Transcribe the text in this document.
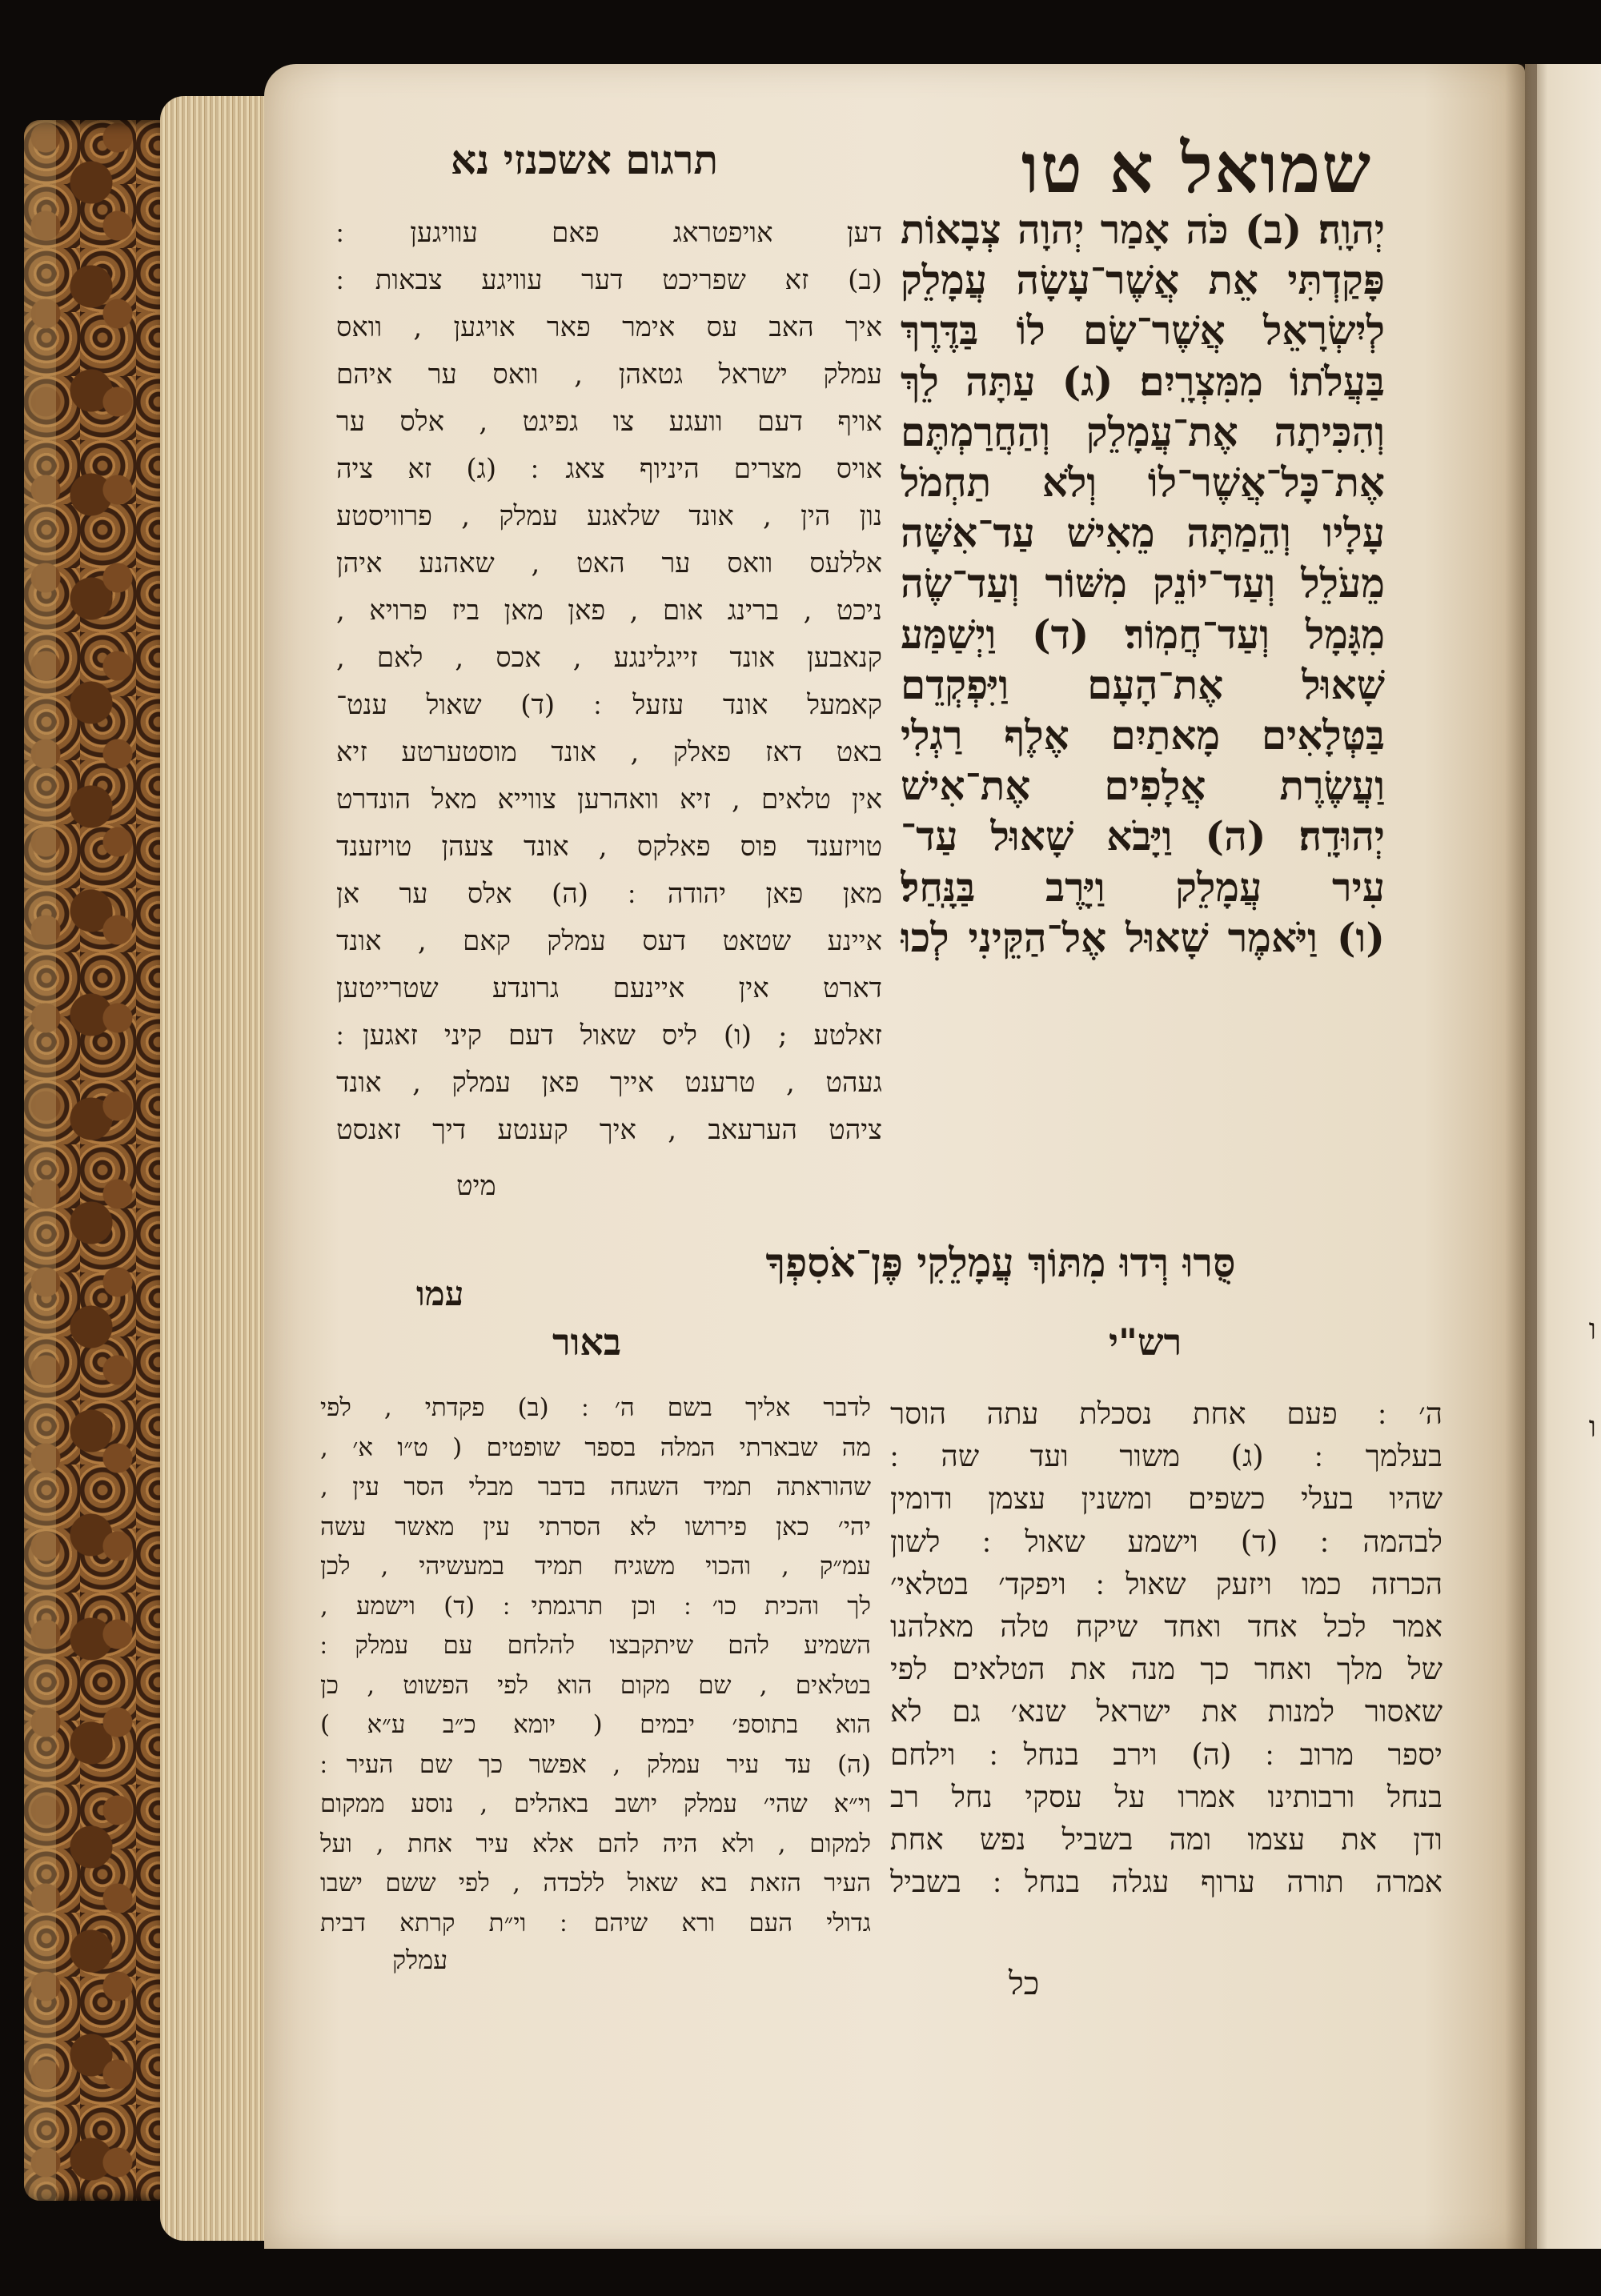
ו
ו
שמואל א טו
תרגום אשכנזי נא
יְהוָֽה׃ (ב) כֹּה אָמַר יְהוָה צְבָאוֹת
פָּקַדְתִּי אֵת אֲשֶׁר־עָשָׂה עֲמָלֵק
לְיִשְׂרָאֵל אֲשֶׁר־שָׂם לוֹ בַּדֶּרֶךְ
בַּעֲלֹתוֹ מִמִּצְרָֽיִם׃ (ג) עַתָּה לֵךְ
וְהִכִּיתָה אֶת־עֲמָלֵק וְהַחֲרַמְתֶּם
אֶת־כָּל־אֲשֶׁר־לוֹ וְלֹא תַחְמֹל
עָלָיו וְהֵמַתָּה מֵאִישׁ עַד־אִשָּׁה
מֵעֹלֵל וְעַד־יוֹנֵק מִשּׁוֹר וְעַד־שֶׂה
מִגָּמָל וְעַד־חֲמֽוֹר׃ (ד) וַיְשַׁמַּע
שָׁאוּל אֶת־הָעָם וַיִּפְקְדֵם
בַּטְּלָאִים מָאתַיִם אֶלֶף רַגְלִי
וַעֲשֶׂרֶת אֲלָפִים אֶת־אִישׁ
יְהוּדָֽה׃ (ה) וַיָּבֹא שָׁאוּל עַד־
עִיר עֲמָלֵק וַיָּרֶב בַּנָּֽחַל׃
(ו) וַיֹּאמֶר שָׁאוּל אֶל־הַקֵּינִי לְכוּ
סֻּרוּ רְּדוּ מִתּוֹךְ עֲמָלֵקִי פֶּן־אֹסִפְךָ
דען אויפטראג פאם עוויגען ׃
(ב) זא שפריכט דער עוויגע צבאות ׃
איך האב עס אימר פאר אויגען , וואס
עמלק ישראל גטאהן , וואס ער איהם
אויף דעם וועגע צו גפיגט , אלס ער
אויס מצרים היניוף צאג ׃ (ג) זא ציה
נון הין , אונד שלאגע עמלק , פרוויסטע
אללעס וואס ער האט , שאהנע איהן
ניכט , ברינג אום , פאן מאן ביז פרויא ,
קנאבען אונד זייגלינגע , אכס , לאם ,
קאמעל אונד עזעל ׃ (ד) שאול ענט־
באט דאז פאלק , אונד מוסטערטע זיא
אין טלאים , זיא וואהרען צווייא מאל הונדרט
טויזענד פוס פאלקס , אונד צעהן טויזענד
מאן פאן יהודה ׃ (ה) אלס ער אן
איינע שטאט דעס עמלק קאם , אונד
דארט אין איינעם גרונדע שטרייטען
זאלטע ; (ו) ליס שאול דעם קיני זאגען ׃
געהט , טרענט אייך פאן עמלק , אונד
ציהט הערעאב , איך קענטע דיך זאנסט
מיט
עמו
רש"י
באור
ה׳ ׃ פעם אחת נסכלת עתה הוסר
בעלמך ׃ (ג) משור ועד שה ׃
שהיו בעלי כשפים ומשנין עצמן ודומין
לבהמה ׃ (ד) וישמע שאול ׃ לשון
הכרזה כמו ויזעק שאול ׃ ויפקד׳ בטלאי׳
אמר לכל אחד ואחד שיקח טלה מאלהנו
של מלך ואחר כך מנה את הטלאים לפי
שאסור למנות את ישראל שנא׳ גם לא
יספר מרוב ׃ (ה) וירב בנחל ׃ וילחם
בנחל ורבותינו אמרו על עסקי נחל רב
ודן את עצמו ומה בשביל נפש אחת
אמרה תורה ערוף עגלה בנחל ׃ בשביל
כל
לדבר אליך בשם ה׳ ׃ (ב) פקדתי , לפי
מה שבארתי המלה בספר שופטים ( ט״ו א׳ ,
שהוראתה תמיד השגחה בדבר מבלי הסר עין ,
יהי׳ כאן פירושו לא הסרתי עין מאשר עשה
עמ״ק , והכוי משגיח תמיד במעשיהי , לכן
לך והכית כו׳ ׃ וכן תרגמתי ׃ (ד) וישמע ,
השמיע להם שיתקבצו להלחם עם עמלק ׃
בטלאים , שם מקום הוא לפי הפשוט , כן
הוא בתוספ׳ יבמים ( יומא כ״ב ע״א )
(ה) עד עיר עמלק , אפשר כך שם העיר ׃
וי״א שהי׳ עמלק יושב באהלים , נוסע ממקום
למקום , ולא היה להם אלא עיר אחת , ועל
העיר הזאת בא שאול ללכדה , לפי ששם ישבו
גדולי העם ורא שיהם ׃ וי״ת קרתא דבית
עמלק
